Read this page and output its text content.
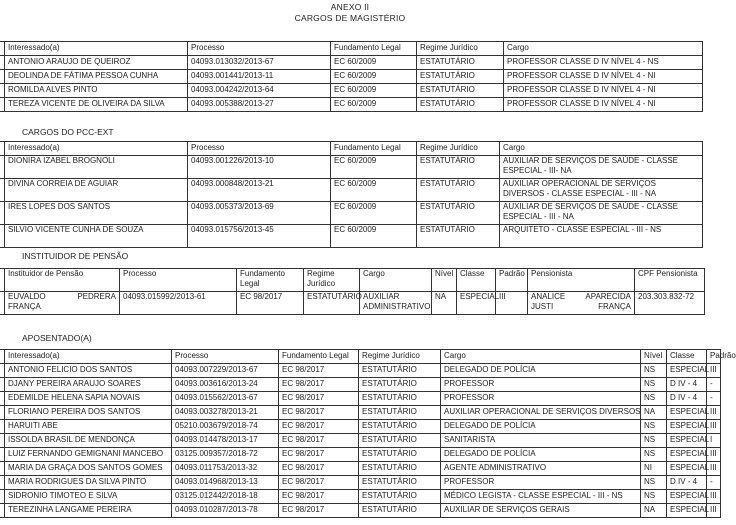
ANEXO II
CARGOS DE MAGISTÉRIO
	Interessado(a)	Processo	Fundamento Legal	Regime Jurídico	Cargo
	ANTONIO ARAUJO DE QUEIROZ	04093.013032/2013-67	EC 60/2009	ESTATUTÁRIO	PROFESSOR CLASSE D IV NÍVEL 4 - NS
	DEOLINDA DE FÁTIMA PESSOA CUNHA	04093.001441/2013-11	EC 60/2009	ESTATUTÁRIO	PROFESSOR CLASSE D IV NÍVEL 4 - NI
	ROMILDA ALVES PINTO	04093.004242/2013-64	EC 60/2009	ESTATUTÁRIO	PROFESSOR CLASSE D IV NÍVEL 4 - NI
	TEREZA VICENTE DE OLIVEIRA DA SILVA	04093.005388/2013-27	EC 60/2009	ESTATUTÁRIO	PROFESSOR CLASSE D IV NÍVEL 4 - NI
CARGOS DO PCC-EXT
	Interessado(a)	Processo	Fundamento Legal	Regime Jurídico	Cargo
	DIONIRA IZABEL BROGNOLI	04093.001226/2013-10	EC 60/2009	ESTATUTÁRIO	AUXILIAR DE SERVIÇOS DE SAÚDE - CLASSE ESPECIAL - III- NA
	DIVINA CORREIA DE AGUIAR	04093.000848/2013-21	EC 60/2009	ESTATUTÁRIO	AUXILIAR OPERACIONAL DE SERVIÇOS DIVERSOS - CLASSE ESPECIAL - III - NA
	IRES LOPES DOS SANTOS	04093.005373/2013-69	EC 60/2009	ESTATUTÁRIO	AUXILIAR DE SERVIÇOS DE SAÚDE - CLASSE ESPECIAL - III - NA
	SILVIO VICENTE CUNHA DE SOUZA	04093.015756/2013-45	EC 60/2009	ESTATUTÁRIO	ARQUITETO - CLASSE ESPECIAL - III - NS
INSTITUIDOR DE PENSÃO
	Instituidor de Pensão	Processo	Fundamento Legal	Regime Jurídico	Cargo	Nível	Classe	Padrão	Pensionista	CPF Pensionista
	EUVALDO PEDRERA FRANÇA	04093.015992/2013-61	EC 98/2017	ESTATUTÁRIO	AUXILIAR ADMINISTRATIVO	NA	ESPECIAL	III	ANALICE APARECIDA JUSTI FRANÇA	203.303.832-72
APOSENTADO(A)
	Interessado(a)	Processo	Fundamento Legal	Regime Jurídico	Cargo	Nível	Classe	Padrão
	ANTONIO FELICIO DOS SANTOS	04093.007229/2013-67	EC 98/2017	ESTATUTÁRIO	DELEGADO DE POLÍCIA	NS	ESPECIAL	III
	DJANY PEREIRA ARAUJO SOARES	04093.003616/2013-24	EC 98/2017	ESTATUTÁRIO	PROFESSOR	NS	D IV - 4	-
	EDEMILDE HELENA SAPIA NOVAIS	04093.015562/2013-67	EC 98/2017	ESTATUTÁRIO	PROFESSOR	NS	D IV - 4	-
	FLORIANO PEREIRA DOS SANTOS	04093.003278/2013-21	EC 98/2017	ESTATUTÁRIO	AUXILIAR OPERACIONAL DE SERVIÇOS DIVERSOS	NA	ESPECIAL	III
	HARUITI ABE	05210.003679/2018-74	EC 98/2017	ESTATUTÁRIO	DELEGADO DE POLÍCIA	NS	ESPECIAL	III
	ISSOLDA BRASIL DE MENDONÇA	04093.014478/2013-17	EC 98/2017	ESTATUTÁRIO	SANITARISTA	NS	ESPECIAL	I
	LUIZ FERNANDO GEMIGNANI MANCEBO	03125.009357/2018-72	EC 98/2017	ESTATUTÁRIO	DELEGADO DE POLÍCIA	NS	ESPECIAL	III
	MARIA DA GRAÇA DOS SANTOS GOMES	04093.011753/2013-32	EC 98/2017	ESTATUTÁRIO	AGENTE ADMINISTRATIVO	NI	ESPECIAL	III
	MARIA RODRIGUES DA SILVA PINTO	04093.014968/2013-13	EC 98/2017	ESTATUTÁRIO	PROFESSOR	NS	D IV - 4	-
	SIDRONIO TIMOTEO E SILVA	03125.012442/2018-18	EC 98/2017	ESTATUTÁRIO	MÉDICO LEGISTA - CLASSE ESPECIAL - III - NS	NS	ESPECIAL	III
	TEREZINHA LANGAME PEREIRA	04093.010287/2013-78	EC 98/2017	ESTATUTÁRIO	AUXILIAR DE SERVIÇOS GERAIS	NA	ESPECIAL	III
